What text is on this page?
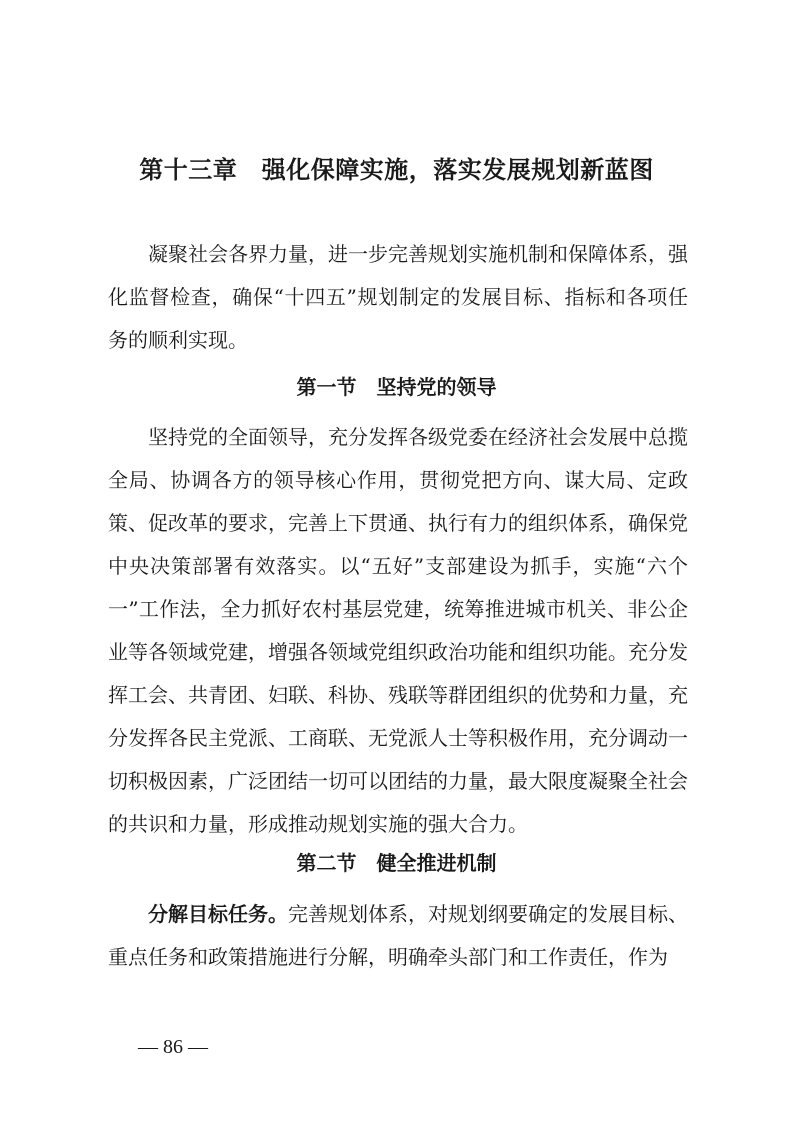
第十三章　强化保障实施，落实发展规划新蓝图
凝聚社会各界力量，进一步完善规划实施机制和保障体系，强化监督检查，确保“十四五”规划制定的发展目标、指标和各项任务的顺利实现。
第一节　坚持党的领导
坚持党的全面领导，充分发挥各级党委在经济社会发展中总揽全局、协调各方的领导核心作用，贯彻党把方向、谋大局、定政策、促改革的要求，完善上下贯通、执行有力的组织体系，确保党中央决策部署有效落实。以“五好”支部建设为抓手，实施“六个一”工作法，全力抓好农村基层党建，统筹推进城市机关、非公企业等各领域党建，增强各领域党组织政治功能和组织功能。充分发挥工会、共青团、妇联、科协、残联等群团组织的优势和力量，充分发挥各民主党派、工商联、无党派人士等积极作用，充分调动一切积极因素，广泛团结一切可以团结的力量，最大限度凝聚全社会的共识和力量，形成推动规划实施的强大合力。
第二节　健全推进机制
分解目标任务。完善规划体系，对规划纲要确定的发展目标、重点任务和政策措施进行分解，明确牵头部门和工作责任，作为
— 86 —
